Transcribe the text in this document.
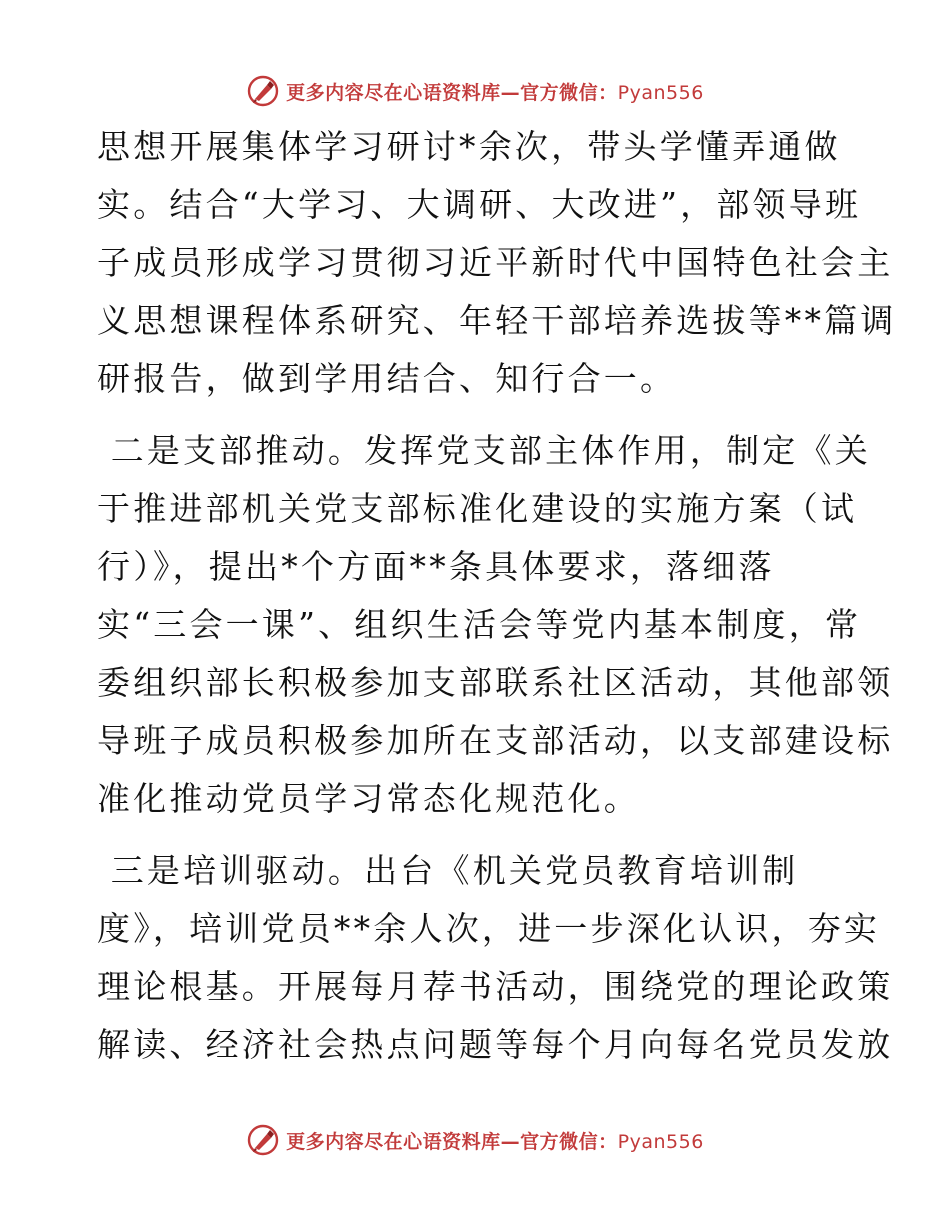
更多内容尽在心语资料库—官方微信：Pyan556
思想开展集体学习研讨*余次，带头学懂弄通做
实。结合“大学习、大调研、大改进”，部领导班
子成员形成学习贯彻习近平新时代中国特色社会主
义思想课程体系研究、年轻干部培养选拔等**篇调
研报告，做到学用结合、知行合一。
二是支部推动。发挥党支部主体作用，制定《关
于推进部机关党支部标准化建设的实施方案（试
行）》，提出*个方面**条具体要求，落细落
实“三会一课”、组织生活会等党内基本制度，常
委组织部长积极参加支部联系社区活动，其他部领
导班子成员积极参加所在支部活动，以支部建设标
准化推动党员学习常态化规范化。
三是培训驱动。出台《机关党员教育培训制
度》，培训党员**余人次，进一步深化认识，夯实
理论根基。开展每月荐书活动，围绕党的理论政策
解读、经济社会热点问题等每个月向每名党员发放
更多内容尽在心语资料库—官方微信：Pyan556
